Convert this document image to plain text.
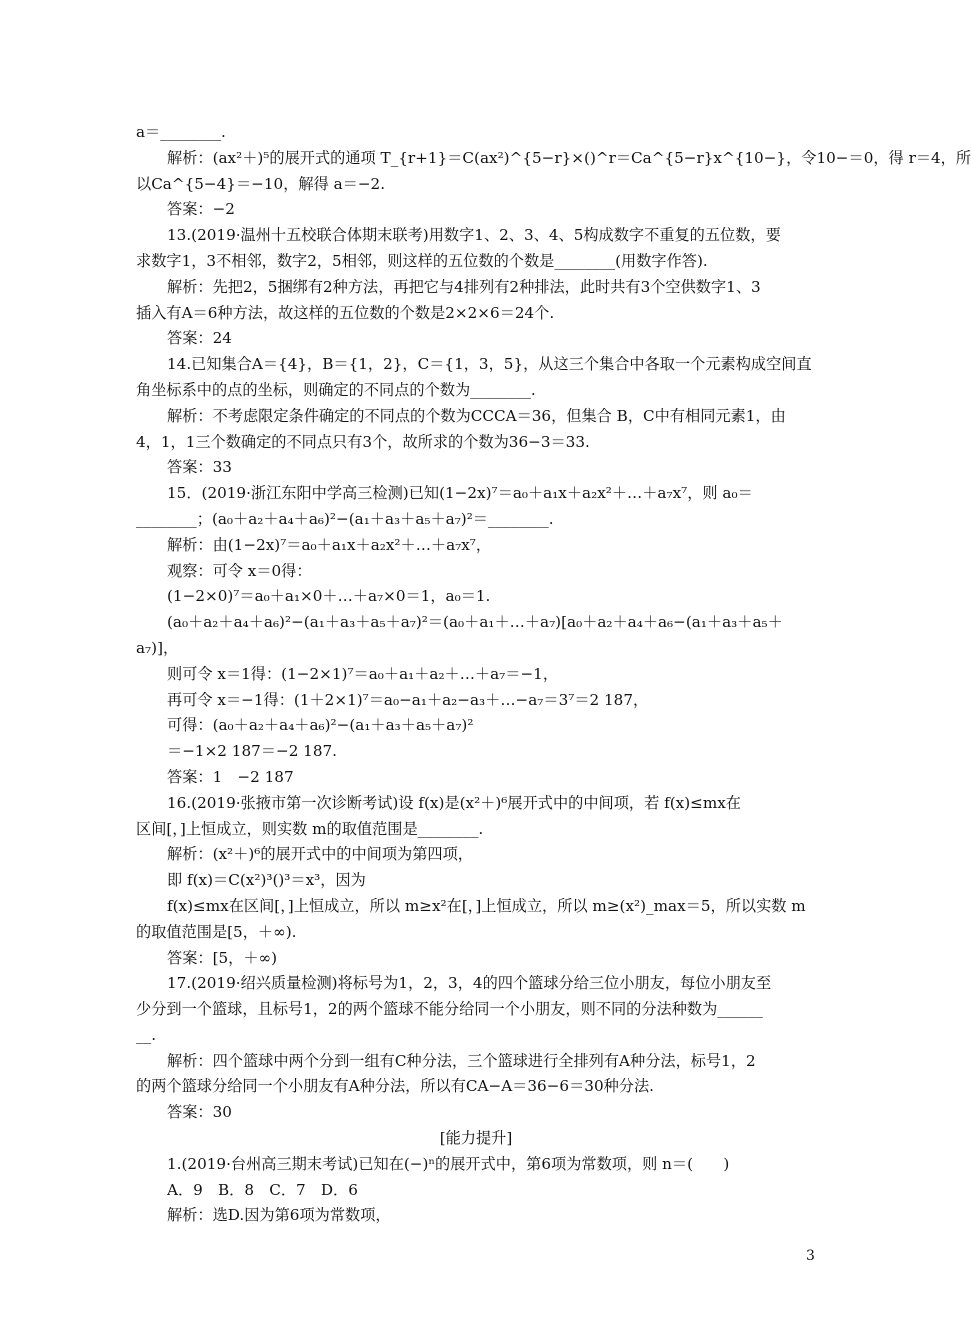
a＝________.
解析：(ax²＋)⁵的展开式的通项 T_{r+1}＝C(ax²)^{5−r}×()^r＝Ca^{5−r}x^{10−}，令10−＝0，得 r＝4，所
以Ca^{5−4}＝−10，解得 a＝−2.
答案：−2
13.(2019·温州十五校联合体期末联考)用数字1、2、3、4、5构成数字不重复的五位数，要
求数字1，3不相邻，数字2，5相邻，则这样的五位数的个数是________(用数字作答).
解析：先把2，5捆绑有2种方法，再把它与4排列有2种排法，此时共有3个空供数字1、3
插入有A＝6种方法，故这样的五位数的个数是2×2×6＝24个.
答案：24
14.已知集合A＝{4}，B＝{1，2}，C＝{1，3，5}，从这三个集合中各取一个元素构成空间直
角坐标系中的点的坐标，则确定的不同点的个数为________.
解析：不考虑限定条件确定的不同点的个数为CCCA＝36，但集合 B，C中有相同元素1，由
4，1，1三个数确定的不同点只有3个，故所求的个数为36−3＝33.
答案：33
15．(2019·浙江东阳中学高三检测)已知(1−2x)⁷＝a₀＋a₁x＋a₂x²＋…＋a₇x⁷，则 a₀＝
________；(a₀＋a₂＋a₄＋a₆)²−(a₁＋a₃＋a₅＋a₇)²＝________.
解析：由(1−2x)⁷＝a₀＋a₁x＋a₂x²＋…＋a₇x⁷，
观察：可令 x＝0得：
(1−2×0)⁷＝a₀＋a₁×0＋…＋a₇×0＝1，a₀＝1.
(a₀＋a₂＋a₄＋a₆)²−(a₁＋a₃＋a₅＋a₇)²＝(a₀＋a₁＋…＋a₇)[a₀＋a₂＋a₄＋a₆−(a₁＋a₃＋a₅＋
a₇)]，
则可令 x＝1得：(1−2×1)⁷＝a₀＋a₁＋a₂＋…＋a₇＝−1，
再可令 x＝−1得：(1＋2×1)⁷＝a₀−a₁＋a₂−a₃＋…−a₇＝3⁷＝2 187，
可得：(a₀＋a₂＋a₄＋a₆)²−(a₁＋a₃＋a₅＋a₇)²
＝−1×2 187＝−2 187.
答案：1　−2 187
16.(2019·张掖市第一次诊断考试)设 f(x)是(x²＋)⁶展开式中的中间项，若 f(x)≤mx在
区间[，]上恒成立，则实数 m的取值范围是________.
解析：(x²＋)⁶的展开式中的中间项为第四项，
即 f(x)＝C(x²)³()³＝x³，因为
f(x)≤mx在区间[，]上恒成立，所以 m≥x²在[，]上恒成立，所以 m≥(x²)_max＝5，所以实数 m
的取值范围是[5，＋∞).
答案：[5，＋∞)
17.(2019·绍兴质量检测)将标号为1，2，3，4的四个篮球分给三位小朋友，每位小朋友至
少分到一个篮球，且标号1，2的两个篮球不能分给同一个小朋友，则不同的分法种数为______
__.
解析：四个篮球中两个分到一组有C种分法，三个篮球进行全排列有A种分法，标号1，2
的两个篮球分给同一个小朋友有A种分法，所以有CA−A＝36−6＝30种分法.
答案：30
[能力提升]
1.(2019·台州高三期末考试)已知在(−)ⁿ的展开式中，第6项为常数项，则 n＝(　　)
A．9　B．8　C．7　D．6
解析：选D.因为第6项为常数项，
3
